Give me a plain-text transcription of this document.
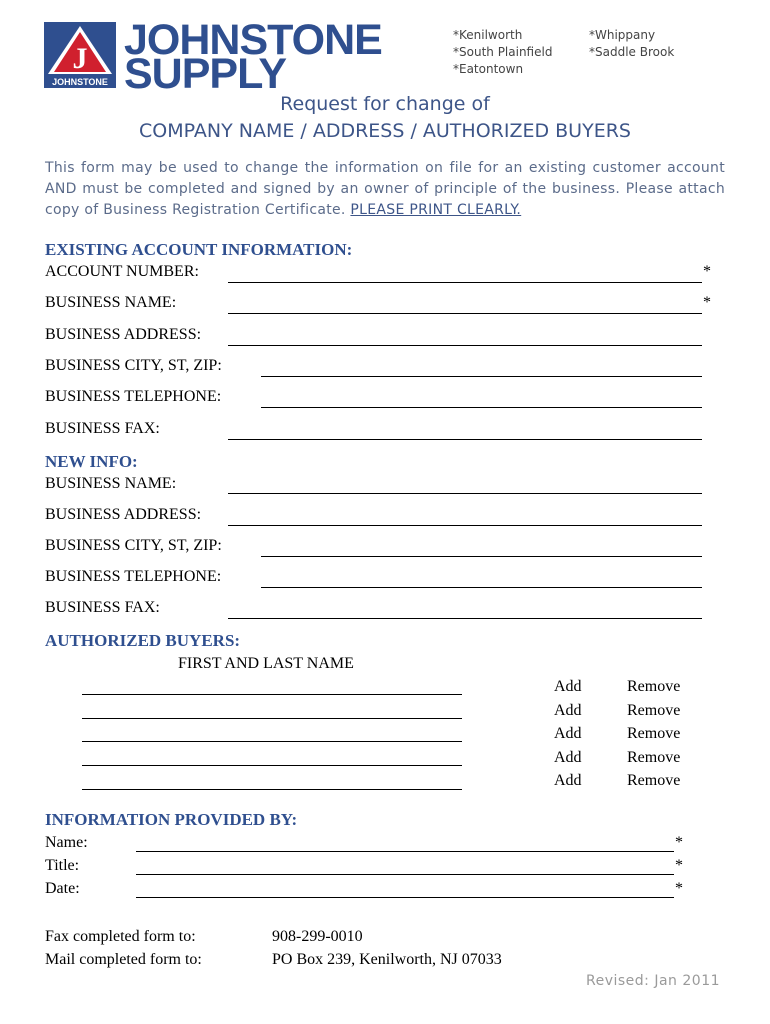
J
JOHNSTONE
JOHNSTONE
SUPPLY
*Kenilworth
*South Plainfield
*Eatontown
*Whippany
*Saddle Brook
Request for change of
COMPANY NAME / ADDRESS / AUTHORIZED BUYERS
This form may be used to change the information on file for an existing customer account AND must be completed and signed by an owner of principle of the business. Please attach copy of Business Registration Certificate. PLEASE PRINT CLEARLY.
EXISTING ACCOUNT INFORMATION:
ACCOUNT NUMBER:	*
BUSINESS NAME:	*
BUSINESS ADDRESS:
BUSINESS CITY, ST, ZIP:
BUSINESS TELEPHONE:
BUSINESS FAX:
NEW INFO:
BUSINESS NAME:
BUSINESS ADDRESS:
BUSINESS CITY, ST, ZIP:
BUSINESS TELEPHONE:
BUSINESS FAX:
AUTHORIZED BUYERS:
FIRST AND LAST NAME
Add	Remove
Add	Remove
Add	Remove
Add	Remove
Add	Remove
INFORMATION PROVIDED BY:
Name:	*
Title:	*
Date:	*
Fax completed form to:	908-299-0010
Mail completed form to:	PO Box 239, Kenilworth, NJ 07033
Revised: Jan 2011
